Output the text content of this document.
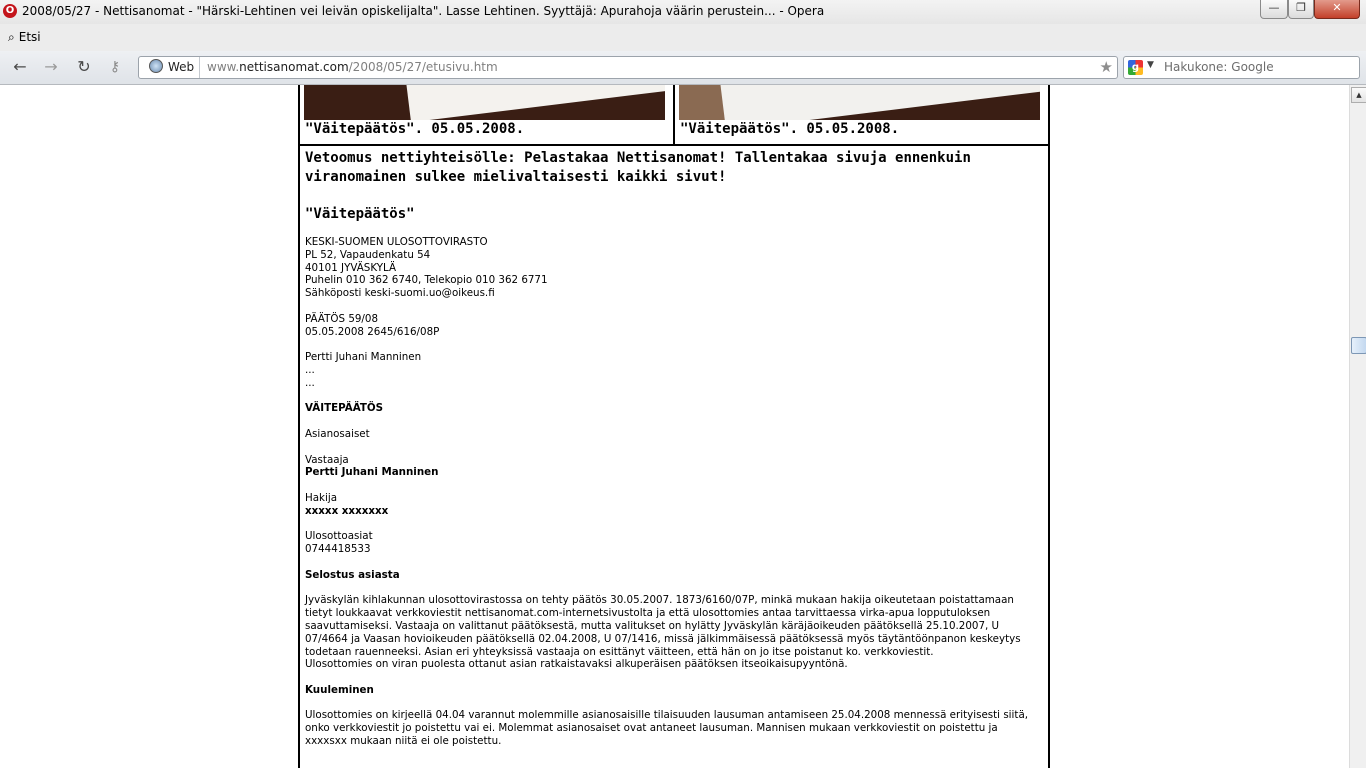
O 2008/05/27 - Nettisanomat - "Härski-Lehtinen vei leivän opiskelijalta". Lasse Lehtinen. Syyttäjä: Apurahoja väärin perustein... - Opera	—	❐	✕
⌕ Etsi
← → ↻	⚷	Web	www.nettisanomat.com/2008/05/27/etusivu.htm	★	g ▼ Hakukone: Google
"Väitepäätös". 05.05.2008.	"Väitepäätös". 05.05.2008.

Vetoomus nettiyhteisölle: Pelastakaa Nettisanomat! Tallentakaa sivuja ennenkuin viranomainen sulkee mielivaltaisesti kaikki sivut!

"Väitepäätös"

KESKI-SUOMEN ULOSOTTOVIRASTO
PL 52, Vapaudenkatu 54
40101 JYVÄSKYLÄ
Puhelin 010 362 6740, Telekopio 010 362 6771
Sähköposti keski-suomi.uo@oikeus.fi

PÄÄTÖS 59/08
05.05.2008 2645/616/08P

Pertti Juhani Manninen
...
...

VÄITEPÄÄTÖS

Asianosaiset

Vastaaja

Pertti Juhani Manninen

Hakija

xxxxx xxxxxxx

Ulosottoasiat

0744418533

Selostus asiasta

Jyväskylän kihlakunnan ulosottovirastossa on tehty päätös 30.05.2007. 1873/6160/07P, minkä mukaan hakija oikeutetaan poistattamaan tietyt loukkaavat verkkoviestit nettisanomat.com-internetsivustolta ja että ulosottomies antaa tarvittaessa virka-apua lopputuloksen saavuttamiseksi. Vastaaja on valittanut päätöksestä, mutta valitukset on hylätty Jyväskylän käräjäoikeuden päätöksellä 25.10.2007, U 07/4664 ja Vaasan hovioikeuden päätöksellä 02.04.2008, U 07/1416, missä jälkimmäisessä päätöksessä myös täytäntöönpanon keskeytys todetaan rauenneeksi. Asian eri yhteyksissä vastaaja on esittänyt väitteen, että hän on jo itse poistanut ko. verkkoviestit.
Ulosottomies on viran puolesta ottanut asian ratkaistavaksi alkuperäisen päätöksen itseoikaisupyyntönä.

Kuuleminen

Ulosottomies on kirjeellä 04.04 varannut molemmille asianosaisille tilaisuuden lausuman antamiseen 25.04.2008 mennessä erityisesti siitä, onko verkkoviestit jo poistettu vai ei. Molemmat asianosaiset ovat antaneet lausuman. Mannisen mukaan verkkoviestit on poistettu ja xxxxsxx mukaan niitä ei ole poistettu.

▲
